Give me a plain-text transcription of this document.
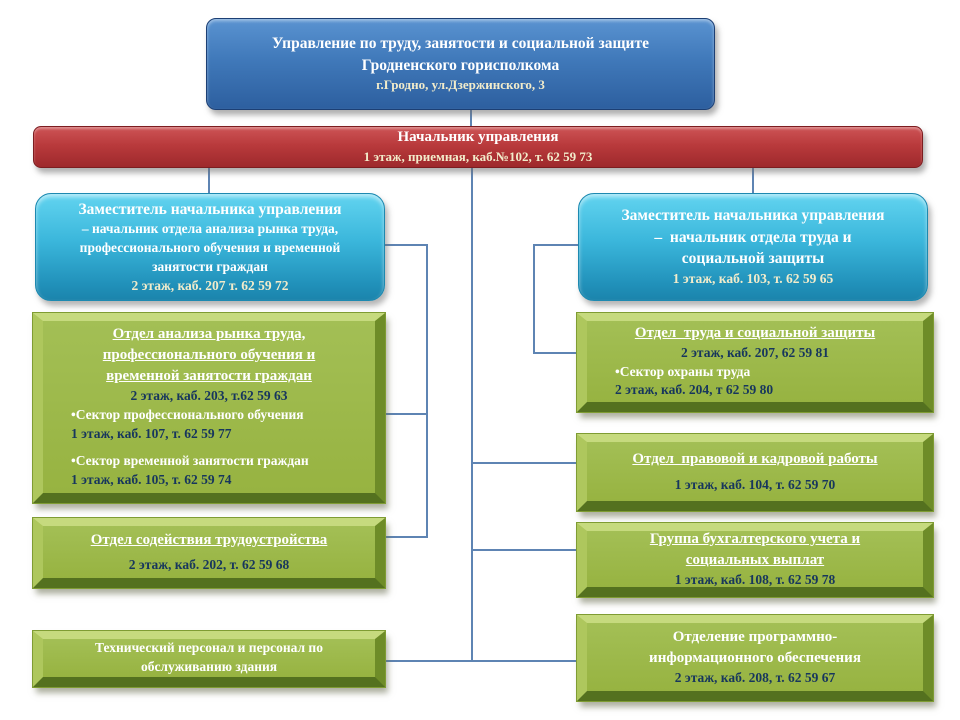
Управление по труду, занятости и социальной защите
Гродненского горисполкома
г.Гродно, ул.Дзержинского, 3
Начальник управления
1 этаж, приемная, каб.№102, т. 62 59 73
Заместитель начальника управления
– начальник отдела анализа рынка труда,
профессионального обучения и временной
занятости граждан
2 этаж, каб. 207 т. 62 59 72
Заместитель начальника управления
–  начальник отдела труда и
социальной защиты
1 этаж, каб. 103, т. 62 59 65
Отдел анализа рынка труда,
профессионального обучения и
временной занятости граждан
2 этаж, каб. 203, т.62 59 63
•Сектор профессионального обучения
1 этаж, каб. 107, т. 62 59 77
•Сектор временной занятости граждан
1 этаж, каб. 105, т. 62 59 74
Отдел содействия трудоустройства
2 этаж, каб. 202, т. 62 59 68
Технический персонал и персонал по
обслуживанию здания
Отдел  труда и социальной защиты
2 этаж, каб. 207, 62 59 81
•Сектор охраны труда
2 этаж, каб. 204, т 62 59 80
Отдел  правовой и кадровой работы
1 этаж, каб. 104, т. 62 59 70
Группа бухгалтерского учета и
социальных выплат
1 этаж, каб. 108, т. 62 59 78
Отделение программно-
информационного обеспечения
2 этаж, каб. 208, т. 62 59 67
